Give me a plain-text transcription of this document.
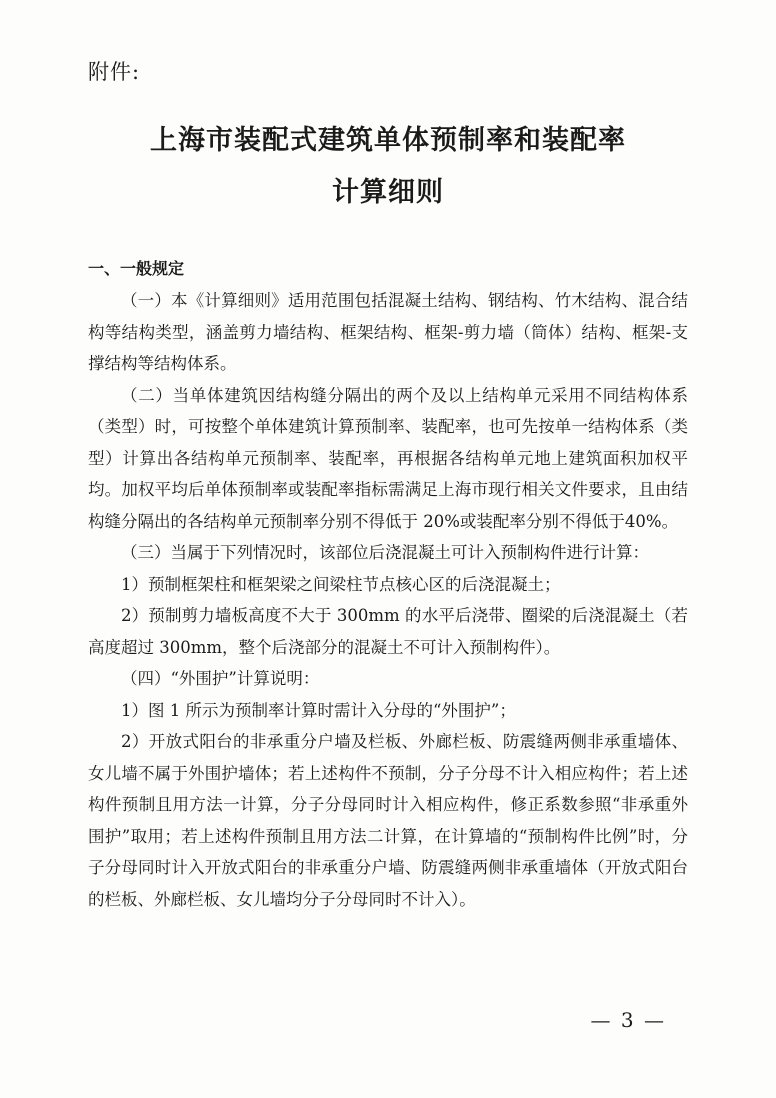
附件:
上海市装配式建筑单体预制率和装配率
计算细则
一、一般规定

（一）本《计算细则》适用范围包括混凝土结构、钢结构、竹木结构、混合结构等结构类型，涵盖剪力墙结构、框架结构、框架-剪力墙（筒体）结构、框架-支撑结构等结构体系。

（二）当单体建筑因结构缝分隔出的两个及以上结构单元采用不同结构体系（类型）时，可按整个单体建筑计算预制率、装配率，也可先按单一结构体系（类型）计算出各结构单元预制率、装配率，再根据各结构单元地上建筑面积加权平均。加权平均后单体预制率或装配率指标需满足上海市现行相关文件要求，且由结构缝分隔出的各结构单元预制率分别不得低于 20%或装配率分别不得低于40%。

（三）当属于下列情况时，该部位后浇混凝土可计入预制构件进行计算：

1）预制框架柱和框架梁之间梁柱节点核心区的后浇混凝土；

2）预制剪力墙板高度不大于 300mm 的水平后浇带、圈梁的后浇混凝土（若高度超过 300mm，整个后浇部分的混凝土不可计入预制构件）。

（四）“外围护”计算说明：

1）图 1 所示为预制率计算时需计入分母的“外围护”；

2）开放式阳台的非承重分户墙及栏板、外廊栏板、防震缝两侧非承重墙体、女儿墙不属于外围护墙体；若上述构件不预制，分子分母不计入相应构件；若上述构件预制且用方法一计算，分子分母同时计入相应构件，修正系数参照“非承重外围护”取用；若上述构件预制且用方法二计算，在计算墙的“预制构件比例”时，分子分母同时计入开放式阳台的非承重分户墙、防震缝两侧非承重墙体（开放式阳台的栏板、外廊栏板、女儿墙均分子分母同时不计入）。

— 3 —
